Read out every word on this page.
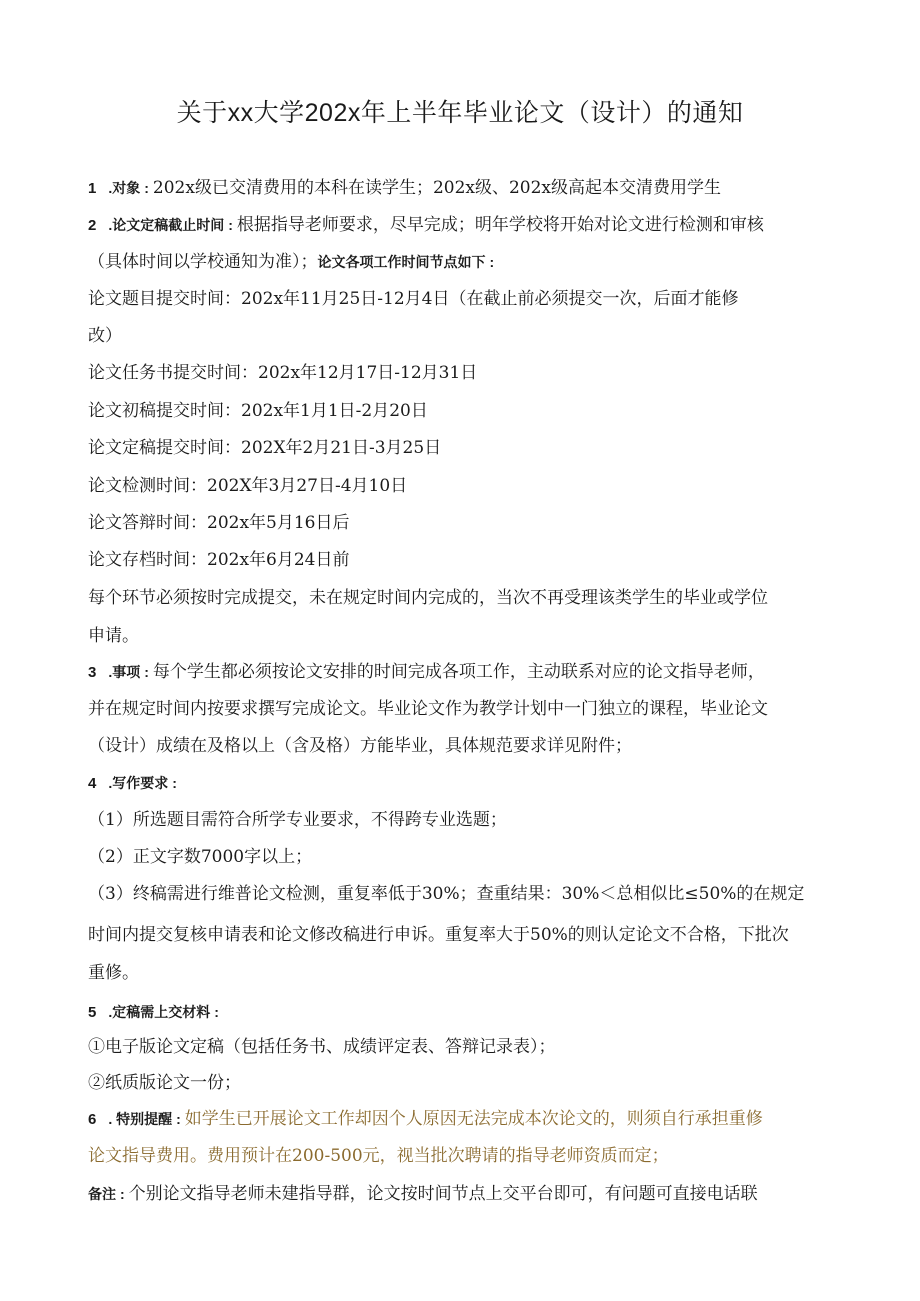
关于xx大学202x年上半年毕业论文（设计）的通知
1 .对象 : 202x级已交清费用的本科在读学生；202x级、202x级高起本交清费用学生
2 .论文定稿截止时间 : 根据指导老师要求，尽早完成；明年学校将开始对论文进行检测和审核
（具体时间以学校通知为准）；论文各项工作时间节点如下 :
论文题目提交时间：202x年11月25日-12月4日（在截止前必须提交一次，后面才能修
改）
论文任务书提交时间：202x年12月17日-12月31日
论文初稿提交时间：202x年1月1日-2月20日
论文定稿提交时间：202X年2月21日-3月25日
论文检测时间：202X年3月27日-4月10日
论文答辩时间：202x年5月16日后
论文存档时间：202x年6月24日前
每个环节必须按时完成提交，未在规定时间内完成的，当次不再受理该类学生的毕业或学位
申请。
3 .事项 : 每个学生都必须按论文安排的时间完成各项工作，主动联系对应的论文指导老师，
并在规定时间内按要求撰写完成论文。毕业论文作为教学计划中一门独立的课程，毕业论文
（设计）成绩在及格以上（含及格）方能毕业，具体规范要求详见附件；
4 .写作要求 :
（1）所选题目需符合所学专业要求，不得跨专业选题；
（2）正文字数7000字以上；
（3）终稿需进行维普论文检测，重复率低于30%；查重结果：30%＜总相似比≤50%的在规定
时间内提交复核申请表和论文修改稿进行申诉。重复率大于50%的则认定论文不合格，下批次
重修。
5 .定稿需上交材料 :
①电子版论文定稿（包括任务书、成绩评定表、答辩记录表）；
②纸质版论文一份；
6 . 特别提醒 : 如学生已开展论文工作却因个人原因无法完成本次论文的，则须自行承担重修
论文指导费用。费用预计在200-500元，视当批次聘请的指导老师资质而定；
备注 : 个别论文指导老师未建指导群，论文按时间节点上交平台即可，有问题可直接电话联
